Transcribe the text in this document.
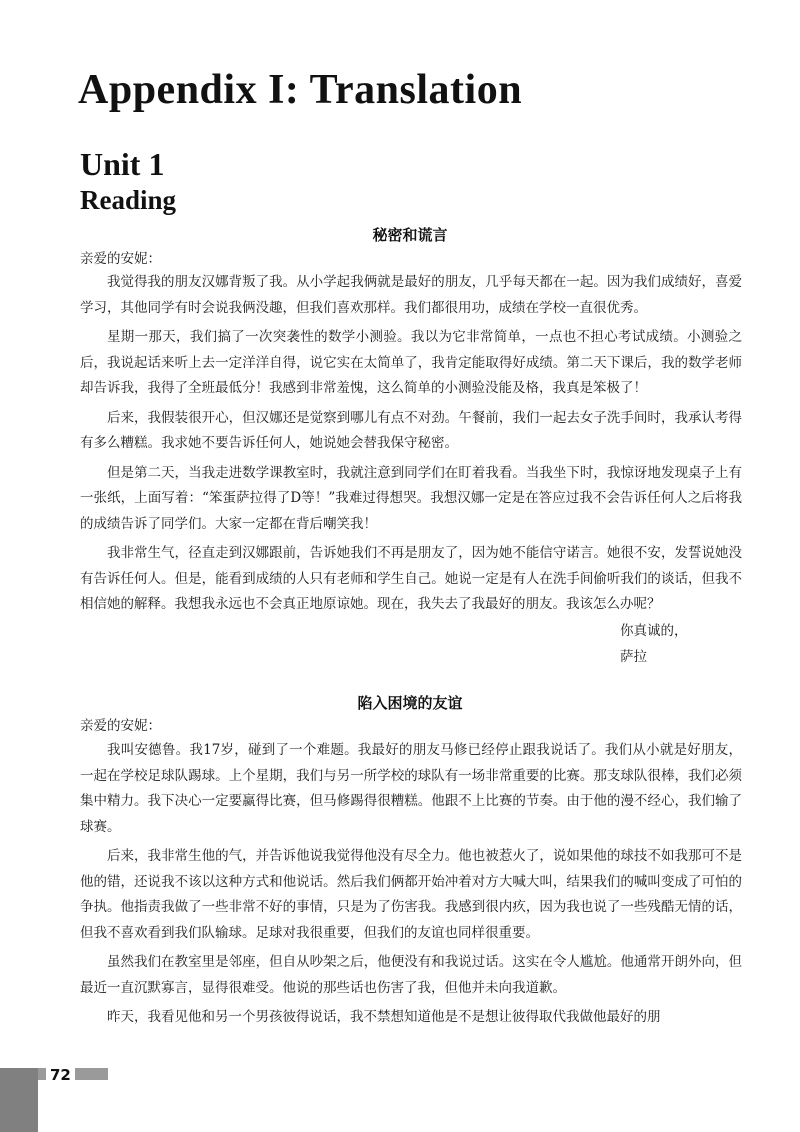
Appendix I: Translation
Unit 1
Reading
秘密和谎言
亲爱的安妮：

我觉得我的朋友汉娜背叛了我。从小学起我俩就是最好的朋友，几乎每天都在一起。因为我们成绩好，喜爱学习，其他同学有时会说我俩没趣，但我们喜欢那样。我们都很用功，成绩在学校一直很优秀。

星期一那天，我们搞了一次突袭性的数学小测验。我以为它非常简单，一点也不担心考试成绩。小测验之后，我说起话来听上去一定洋洋自得，说它实在太简单了，我肯定能取得好成绩。第二天下课后，我的数学老师却告诉我，我得了全班最低分！我感到非常羞愧，这么简单的小测验没能及格，我真是笨极了！

后来，我假装很开心，但汉娜还是觉察到哪儿有点不对劲。午餐前，我们一起去女子洗手间时，我承认考得有多么糟糕。我求她不要告诉任何人，她说她会替我保守秘密。

但是第二天，当我走进数学课教室时，我就注意到同学们在盯着我看。当我坐下时，我惊讶地发现桌子上有一张纸，上面写着：“笨蛋萨拉得了D等！”我难过得想哭。我想汉娜一定是在答应过我不会告诉任何人之后将我的成绩告诉了同学们。大家一定都在背后嘲笑我！

我非常生气，径直走到汉娜跟前，告诉她我们不再是朋友了，因为她不能信守诺言。她很不安，发誓说她没有告诉任何人。但是，能看到成绩的人只有老师和学生自己。她说一定是有人在洗手间偷听我们的谈话，但我不相信她的解释。我想我永远也不会真正地原谅她。现在，我失去了我最好的朋友。我该怎么办呢？

你真诚的，
萨拉
陷入困境的友谊
亲爱的安妮：

我叫安德鲁。我17岁，碰到了一个难题。我最好的朋友马修已经停止跟我说话了。我们从小就是好朋友，一起在学校足球队踢球。上个星期，我们与另一所学校的球队有一场非常重要的比赛。那支球队很棒，我们必须集中精力。我下决心一定要赢得比赛，但马修踢得很糟糕。他跟不上比赛的节奏。由于他的漫不经心，我们输了球赛。

后来，我非常生他的气，并告诉他说我觉得他没有尽全力。他也被惹火了，说如果他的球技不如我那可不是他的错，还说我不该以这种方式和他说话。然后我们俩都开始冲着对方大喊大叫，结果我们的喊叫变成了可怕的争执。他指责我做了一些非常不好的事情，只是为了伤害我。我感到很内疚，因为我也说了一些残酷无情的话，但我不喜欢看到我们队输球。足球对我很重要，但我们的友谊也同样很重要。

虽然我们在教室里是邻座，但自从吵架之后，他便没有和我说过话。这实在令人尴尬。他通常开朗外向，但最近一直沉默寡言，显得很难受。他说的那些话也伤害了我，但他并未向我道歉。

昨天，我看见他和另一个男孩彼得说话，我不禁想知道他是不是想让彼得取代我做他最好的朋

72
